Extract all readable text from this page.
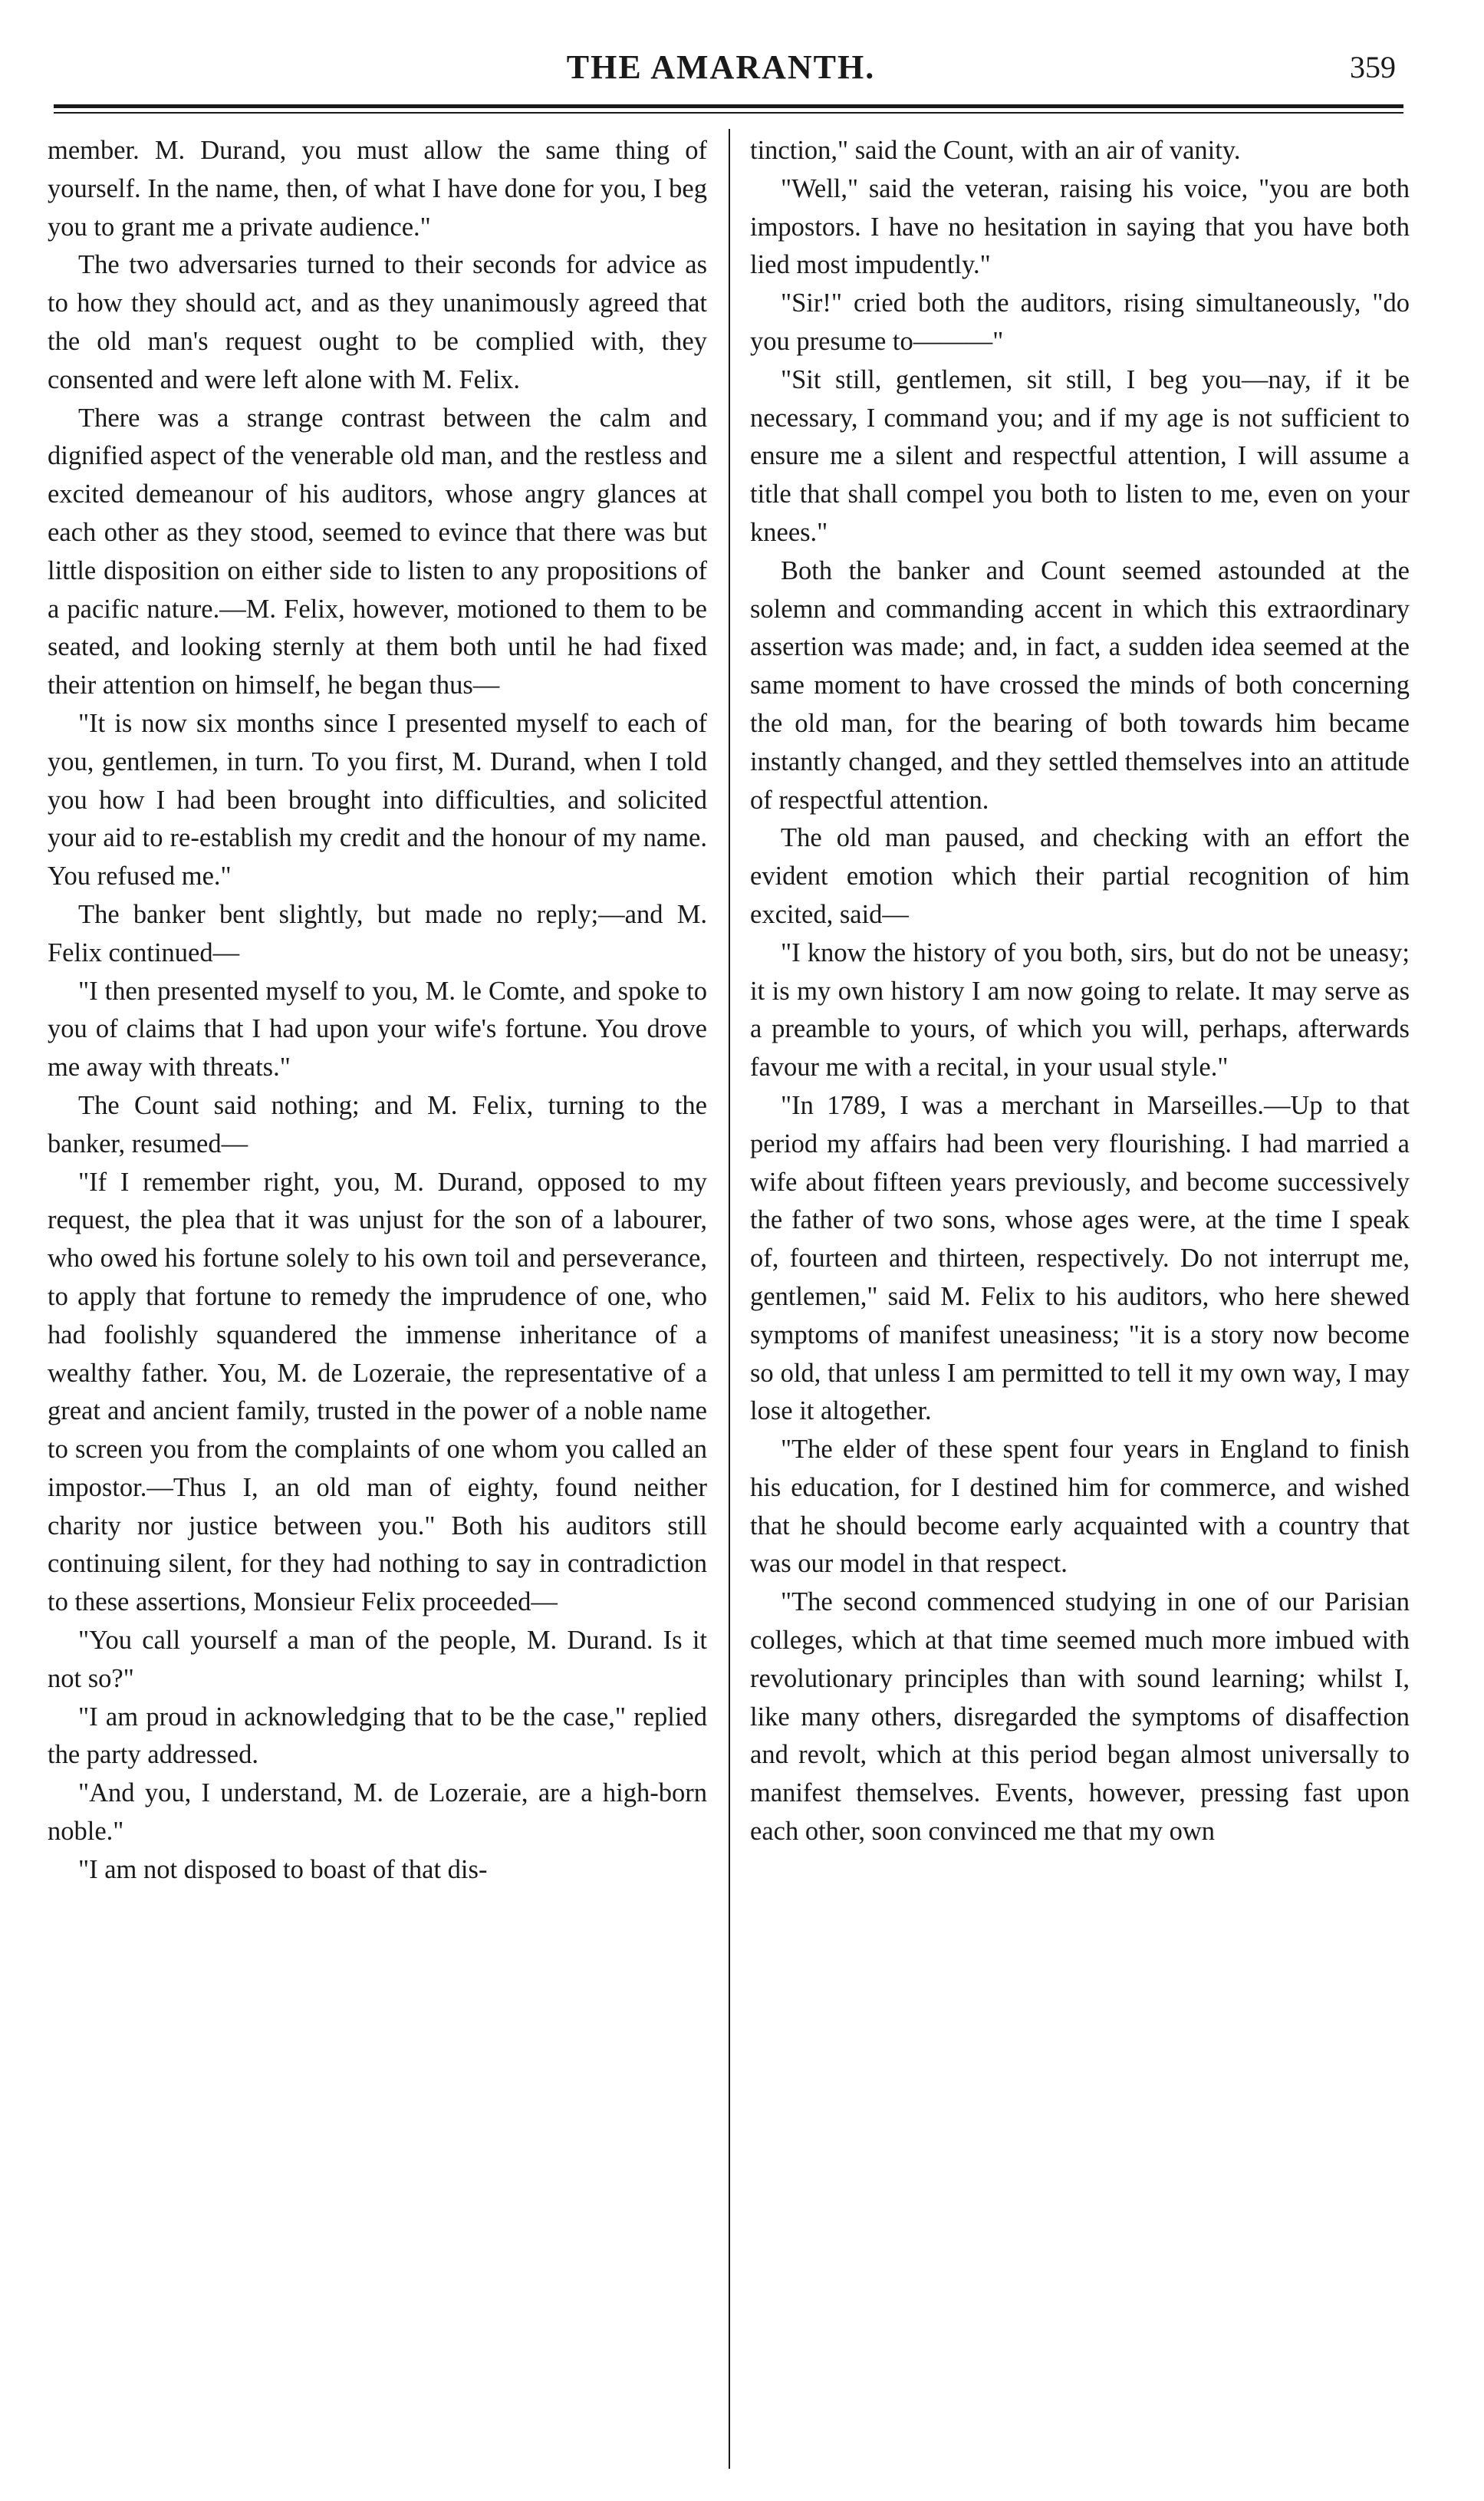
THE AMARANTH.	359

member. M. Durand, you must allow the same thing of yourself. In the name, then, of what I have done for you, I beg you to grant me a private audience."

The two adversaries turned to their seconds for advice as to how they should act, and as they unanimously agreed that the old man's request ought to be complied with, they consented and were left alone with M. Felix.

There was a strange contrast between the calm and dignified aspect of the venerable old man, and the restless and excited demeanour of his auditors, whose angry glances at each other as they stood, seemed to evince that there was but little disposition on either side to listen to any propositions of a pacific nature.—M. Felix, however, motioned to them to be seated, and looking sternly at them both until he had fixed their attention on himself, he began thus—

"It is now six months since I presented myself to each of you, gentlemen, in turn. To you first, M. Durand, when I told you how I had been brought into difficulties, and solicited your aid to re-establish my credit and the honour of my name. You refused me."

The banker bent slightly, but made no reply;—and M. Felix continued—

"I then presented myself to you, M. le Comte, and spoke to you of claims that I had upon your wife's fortune. You drove me away with threats."

The Count said nothing; and M. Felix, turning to the banker, resumed—

"If I remember right, you, M. Durand, opposed to my request, the plea that it was unjust for the son of a labourer, who owed his fortune solely to his own toil and perseverance, to apply that fortune to remedy the imprudence of one, who had foolishly squandered the immense inheritance of a wealthy father. You, M. de Lozeraie, the representative of a great and ancient family, trusted in the power of a noble name to screen you from the complaints of one whom you called an impostor.—Thus I, an old man of eighty, found neither charity nor justice between you." Both his auditors still continuing silent, for they had nothing to say in contradiction to these assertions, Monsieur Felix proceeded—

"You call yourself a man of the people, M. Durand. Is it not so?"

"I am proud in acknowledging that to be the case," replied the party addressed.

"And you, I understand, M. de Lozeraie, are a high-born noble."

"I am not disposed to boast of that dis-

tinction," said the Count, with an air of vanity.

"Well," said the veteran, raising his voice, "you are both impostors. I have no hesitation in saying that you have both lied most impudently."

"Sir!" cried both the auditors, rising simultaneously, "do you presume to———"

"Sit still, gentlemen, sit still, I beg you—nay, if it be necessary, I command you; and if my age is not sufficient to ensure me a silent and respectful attention, I will assume a title that shall compel you both to listen to me, even on your knees."

Both the banker and Count seemed astounded at the solemn and commanding accent in which this extraordinary assertion was made; and, in fact, a sudden idea seemed at the same moment to have crossed the minds of both concerning the old man, for the bearing of both towards him became instantly changed, and they settled themselves into an attitude of respectful attention.

The old man paused, and checking with an effort the evident emotion which their partial recognition of him excited, said—

"I know the history of you both, sirs, but do not be uneasy; it is my own history I am now going to relate. It may serve as a preamble to yours, of which you will, perhaps, afterwards favour me with a recital, in your usual style."

"In 1789, I was a merchant in Marseilles.—Up to that period my affairs had been very flourishing. I had married a wife about fifteen years previously, and become successively the father of two sons, whose ages were, at the time I speak of, fourteen and thirteen, respectively. Do not interrupt me, gentlemen," said M. Felix to his auditors, who here shewed symptoms of manifest uneasiness; "it is a story now become so old, that unless I am permitted to tell it my own way, I may lose it altogether.

"The elder of these spent four years in England to finish his education, for I destined him for commerce, and wished that he should become early acquainted with a country that was our model in that respect.

"The second commenced studying in one of our Parisian colleges, which at that time seemed much more imbued with revolutionary principles than with sound learning; whilst I, like many others, disregarded the symptoms of disaffection and revolt, which at this period began almost universally to manifest themselves. Events, however, pressing fast upon each other, soon convinced me that my own
